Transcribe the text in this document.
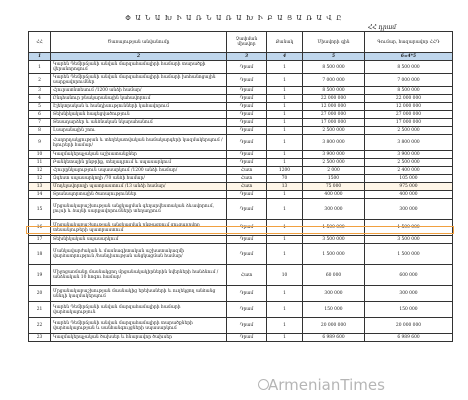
Փ Ա Ն Ա Խ Ի Ա Ռ Ն Ա Ռ Ա Խ Ի Բ Ա Ց Ա Ռ Ա Վ Ը
ՀՀ դրամ
ՀՀ	Ծառայության անվանումը	Չափման միավոր	Քանակ	Միավորի գին	Գումար, հազարավոր ՀՀԴ
1	2	3	4	5	6=4*5
1	Կարեն Դեմիրճյանի անվան մարզահամալիրի համարի տարածքի վերանորոգում	Դրամ	1	8 500 000	8 500 000
2	Կարեն Դեմիրճյանի անվան մարզահամալիրի համարի խոհանոցային սարքավորումներ	Դրամ	1	7 000 000	7 000 000
3	Հյուրատնտեսում /1200 անձի համար/	Դրամ	1	8 500 000	8 500 000
4	Ընդհանուր բնակարանային կահավորում	Դրամ	1	22 000 000	22 000 000
5	Էլեկտրական և հանդիսությունների կահավորում	Դրամ	1	12 000 000	12 000 000
6	Տեխնիկական հագեցվածություն	Դրամ	1	27 000 000	27 000 000
7	Տեսադարձեր և անձնական նկարահանում	Դրամ	1	17 000 000	17 000 000
8	Լսարանային շոու	Դրամ	1	2 500 000	2 500 000
9	Հաղորդակցության և տեղեկատվական համակարգերի կազմակերպում /հյուրերի համար/	Դրամ	1	3 800 000	3 800 000
10	Կազմակերպչական աշխատանքներ	Դրամ	1	3 900 000	3 900 000
11	Բանկետային ընթրիք, տեղադրում և սպասարկում	Դրամ	1	2 500 000	2 500 000
12	Հյուրընկալություն սպասարկում /1200 անձի համար/	Հատ	1200	2 000	2 400 000
12	Զգեստ սպասարկողի /70 անձի համար/	Հատ	70	1500	105 000
13	Մոդելավորողի պատրաստում /13 անձի համար/	Հատ	13	75 000	975 000
14	Տրանսպորտային ծառայություններ	Դրամ	1	400 000	400 000
15	Մրցանակաբաշխության անցկացման գեղարվեստական ձևավորում, լույսի և ձայնի սարքավորումների տեղադրում	Դրամ	1	300 000	300 000
16	Մրցանակաբաշխության անցկացման ընթացքում ցուցադրվող տեսանյութերի պատրաստում	Դրամ	1	1 500 000	1 500 000
17	Տեխնիկական սպասարկում	Դրամ	1	3 500 000	3 500 000
18	Մանկավարժական և մասնագիտական աշխատակազմի վարձատրություն /հանդիսության անցկացման համար/	Դրամ	1	1 500 000	1 500 000
19	Միջոցառմանը մասնակցող մրցանակակիրներին նվերների հանձնում /անձնական 10 հոգու համար/	Հատ	10	60 000	600 000
20	Մրցանակաբաշխության մասնակից երեխաների և ուղեկցող անձանց սննդի կազմակերպում	Դրամ	1	300 000	300 000
21	Կարեն Դեմիրճյանի անվան մարզահամալիրի համարի վարձակալություն	Դրամ	1	150 000	150 000
22	Կարեն Դեմիրճյանի անվան մարզահամալիրի տարածքների վարձակալության և սանհանգույցների սպասարկում	Դրամ	1	20 000 000	20 000 000
23	Կազմակերպչական ծախսեր և հնարավոր ծախսեր	Դրամ	1	6 989 600	6 989 600
ArmenianTimes
